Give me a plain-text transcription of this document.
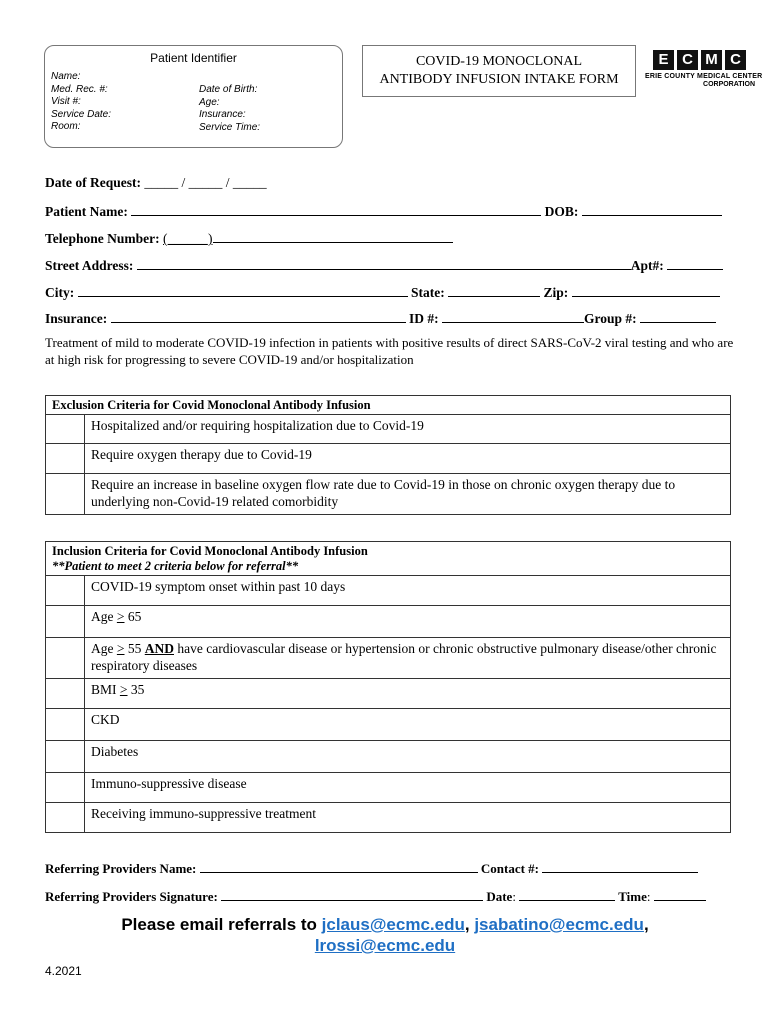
Patient Identifier
Name:
Med. Rec. #:
Visit #:
Service Date:
Room:
Date of Birth:
Age:
Insurance:
Service Time:
COVID-19 MONOCLONAL
ANTIBODY INFUSION INTAKE FORM
E C M C
ERIE COUNTY MEDICAL CENTER
CORPORATION
Date of Request: _____ / _____ / _____
Patient Name:	DOB:
Telephone Number: (______)
Street Address:	Apt#:
City:	State:	Zip:
Insurance:	ID #:	Group #:
Treatment of mild to moderate COVID-19 infection in patients with positive results of direct SARS-CoV-2 viral testing and who are at high risk for progressing to severe COVID-19 and/or hospitalization
Exclusion Criteria for Covid Monoclonal Antibody Infusion	
	Hospitalized and/or requiring hospitalization due to Covid-19
	Require oxygen therapy due to Covid-19
	Require an increase in baseline oxygen flow rate due to Covid-19 in those on chronic oxygen therapy due to underlying non-Covid-19 related comorbidity
Inclusion Criteria for Covid Monoclonal Antibody Infusion
**Patient to meet 2 criteria below for referral**	

	COVID-19 symptom onset within past 10 days
	Age > 65
	Age > 55 AND have cardiovascular disease or hypertension or chronic obstructive pulmonary disease/other chronic respiratory diseases
	BMI > 35
	CKD
	Diabetes
	Immuno-suppressive disease
	Receiving immuno-suppressive treatment
Referring Providers Name:	Contact #:
Referring Providers Signature:	Date:	Time:
Please email referrals to jclaus@ecmc.edu, jsabatino@ecmc.edu,
lrossi@ecmc.edu
4.2021
